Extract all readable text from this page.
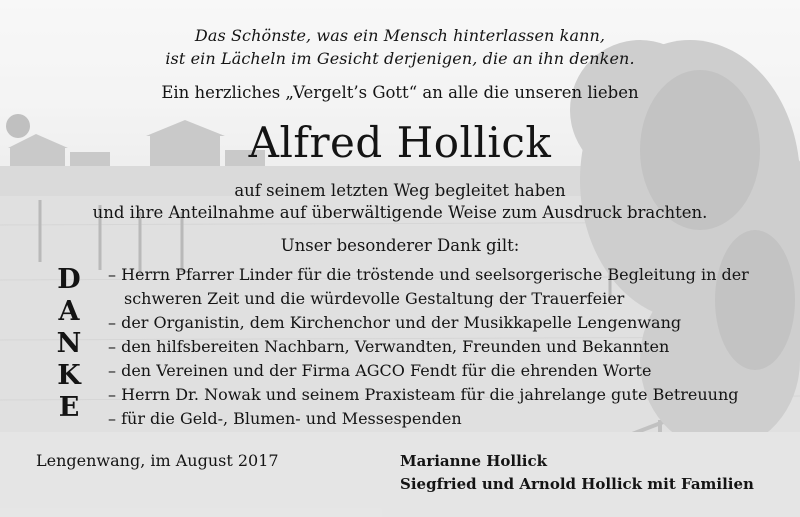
Das Schönste, was ein Mensch hinterlassen kann,
ist ein Lächeln im Gesicht derjenigen, die an ihn denken.
Ein herzliches „Vergelt’s Gott“ an alle die unseren lieben
Alfred Hollick
auf seinem letzten Weg begleitet haben
und ihre Anteilnahme auf überwältigende Weise zum Ausdruck brachten.
Unser besonderer Dank gilt:
D
A
N
K
E
– Herrn Pfarrer Linder für die tröstende und seelsorgerische Begleitung in der schweren Zeit und die würdevolle Gestaltung der Trauerfeier
– der Organistin, dem Kirchenchor und der Musikkapelle Lengenwang
– den hilfsbereiten Nachbarn, Verwandten, Freunden und Bekannten
– den Vereinen und der Firma AGCO Fendt für die ehrenden Worte
– Herrn Dr. Nowak und seinem Praxisteam für die jahrelange gute Betreuung
– für die Geld-, Blumen- und Messespenden
Lengenwang, im August 2017	Marianne Hollick
Siegfried und Arnold Hollick mit Familien
